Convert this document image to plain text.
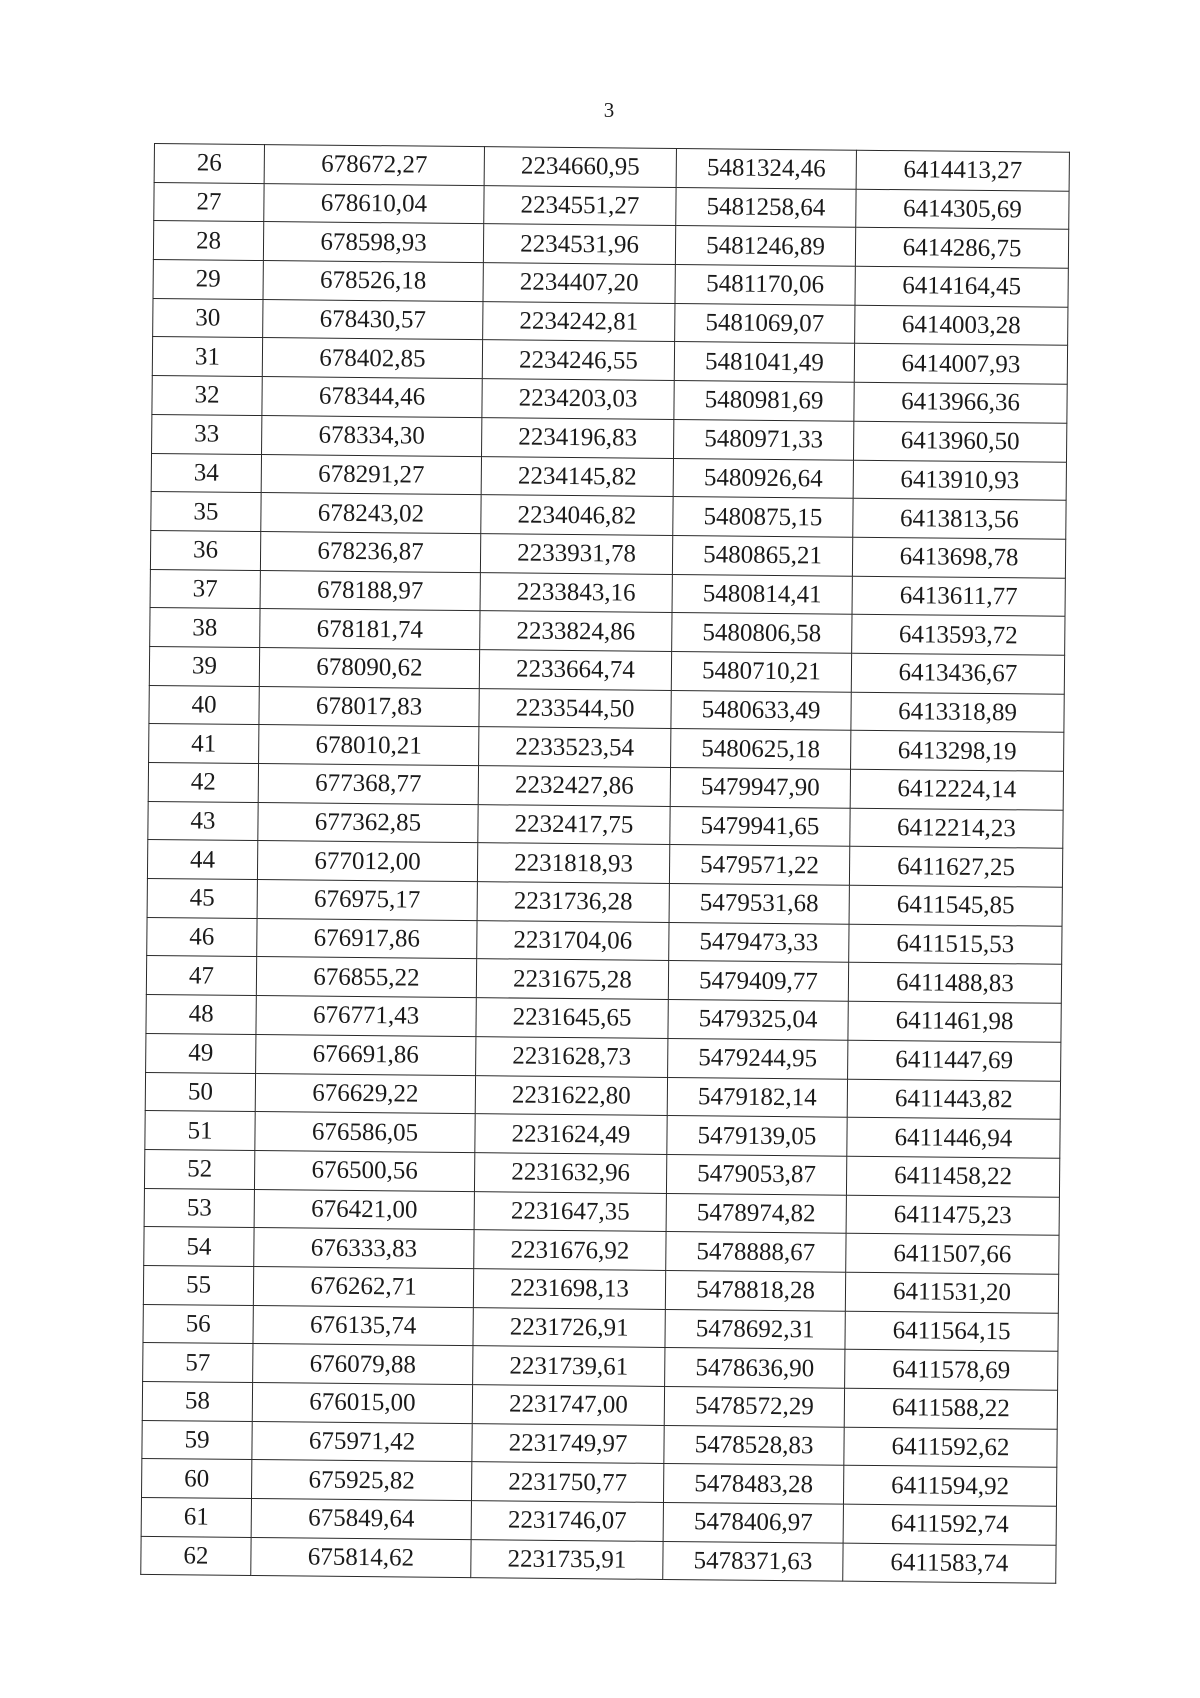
3
26	678672,27	2234660,95	5481324,46	6414413,27
27	678610,04	2234551,27	5481258,64	6414305,69
28	678598,93	2234531,96	5481246,89	6414286,75
29	678526,18	2234407,20	5481170,06	6414164,45
30	678430,57	2234242,81	5481069,07	6414003,28
31	678402,85	2234246,55	5481041,49	6414007,93
32	678344,46	2234203,03	5480981,69	6413966,36
33	678334,30	2234196,83	5480971,33	6413960,50
34	678291,27	2234145,82	5480926,64	6413910,93
35	678243,02	2234046,82	5480875,15	6413813,56
36	678236,87	2233931,78	5480865,21	6413698,78
37	678188,97	2233843,16	5480814,41	6413611,77
38	678181,74	2233824,86	5480806,58	6413593,72
39	678090,62	2233664,74	5480710,21	6413436,67
40	678017,83	2233544,50	5480633,49	6413318,89
41	678010,21	2233523,54	5480625,18	6413298,19
42	677368,77	2232427,86	5479947,90	6412224,14
43	677362,85	2232417,75	5479941,65	6412214,23
44	677012,00	2231818,93	5479571,22	6411627,25
45	676975,17	2231736,28	5479531,68	6411545,85
46	676917,86	2231704,06	5479473,33	6411515,53
47	676855,22	2231675,28	5479409,77	6411488,83
48	676771,43	2231645,65	5479325,04	6411461,98
49	676691,86	2231628,73	5479244,95	6411447,69
50	676629,22	2231622,80	5479182,14	6411443,82
51	676586,05	2231624,49	5479139,05	6411446,94
52	676500,56	2231632,96	5479053,87	6411458,22
53	676421,00	2231647,35	5478974,82	6411475,23
54	676333,83	2231676,92	5478888,67	6411507,66
55	676262,71	2231698,13	5478818,28	6411531,20
56	676135,74	2231726,91	5478692,31	6411564,15
57	676079,88	2231739,61	5478636,90	6411578,69
58	676015,00	2231747,00	5478572,29	6411588,22
59	675971,42	2231749,97	5478528,83	6411592,62
60	675925,82	2231750,77	5478483,28	6411594,92
61	675849,64	2231746,07	5478406,97	6411592,74
62	675814,62	2231735,91	5478371,63	6411583,74
